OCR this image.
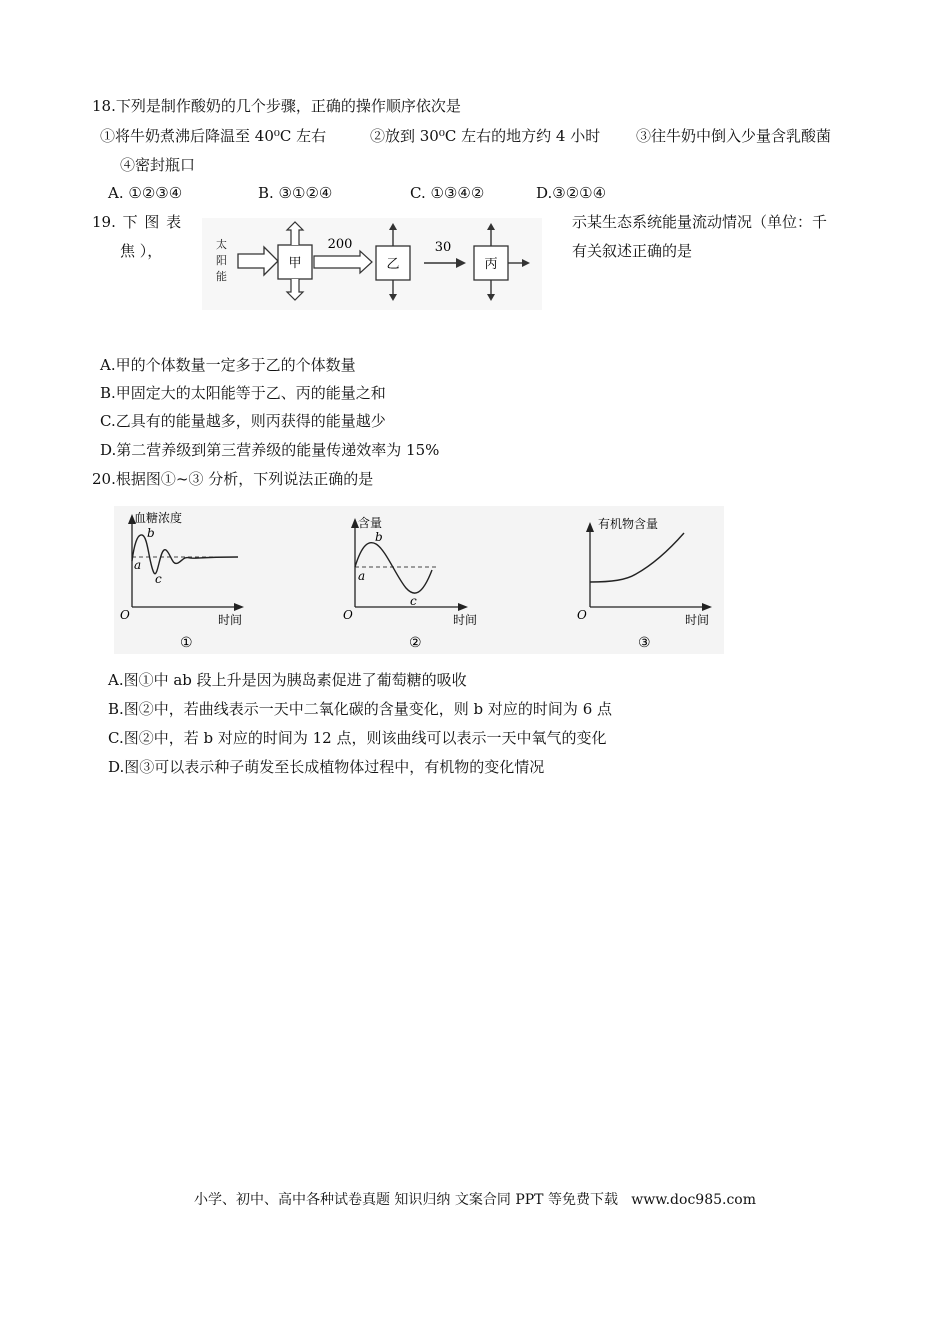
18.下列是制作酸奶的几个步骤，正确的操作顺序依次是
①将牛奶煮沸后降温至 40⁰C 左右	②放到 30⁰C 左右的地方约 4 小时 ③往牛奶中倒入少量含乳酸菌
④密封瓶口
A. ①②③④	B. ③①②④	C. ①③④②	D.③②①④
19. 下 图 表
焦 ），
示某生态系统能量流动情况（单位：千
有关叙述正确的是
太
阳
能
甲
200
乙
30
丙
A.甲的个体数量一定多于乙的个体数量
B.甲固定大的太阳能等于乙、丙的能量之和
C.乙具有的能量越多，则丙获得的能量越少
D.第二营养级到第三营养级的能量传递效率为 15%
20.根据图①~③ 分析，下列说法正确的是
血糖浓度
a
b
c
O	时间
①
含量
a
b
c
O	时间
②
有机物含量
O	时间
③
A.图①中 ab 段上升是因为胰岛素促进了葡萄糖的吸收
B.图②中，若曲线表示一天中二氧化碳的含量变化，则 b 对应的时间为 6 点
C.图②中，若 b 对应的时间为 12 点，则该曲线可以表示一天中氧气的变化
D.图③可以表示种子萌发至长成植物体过程中，有机物的变化情况
小学、初中、高中各种试卷真题 知识归纳 文案合同 PPT 等免费下载   www.doc985.com
